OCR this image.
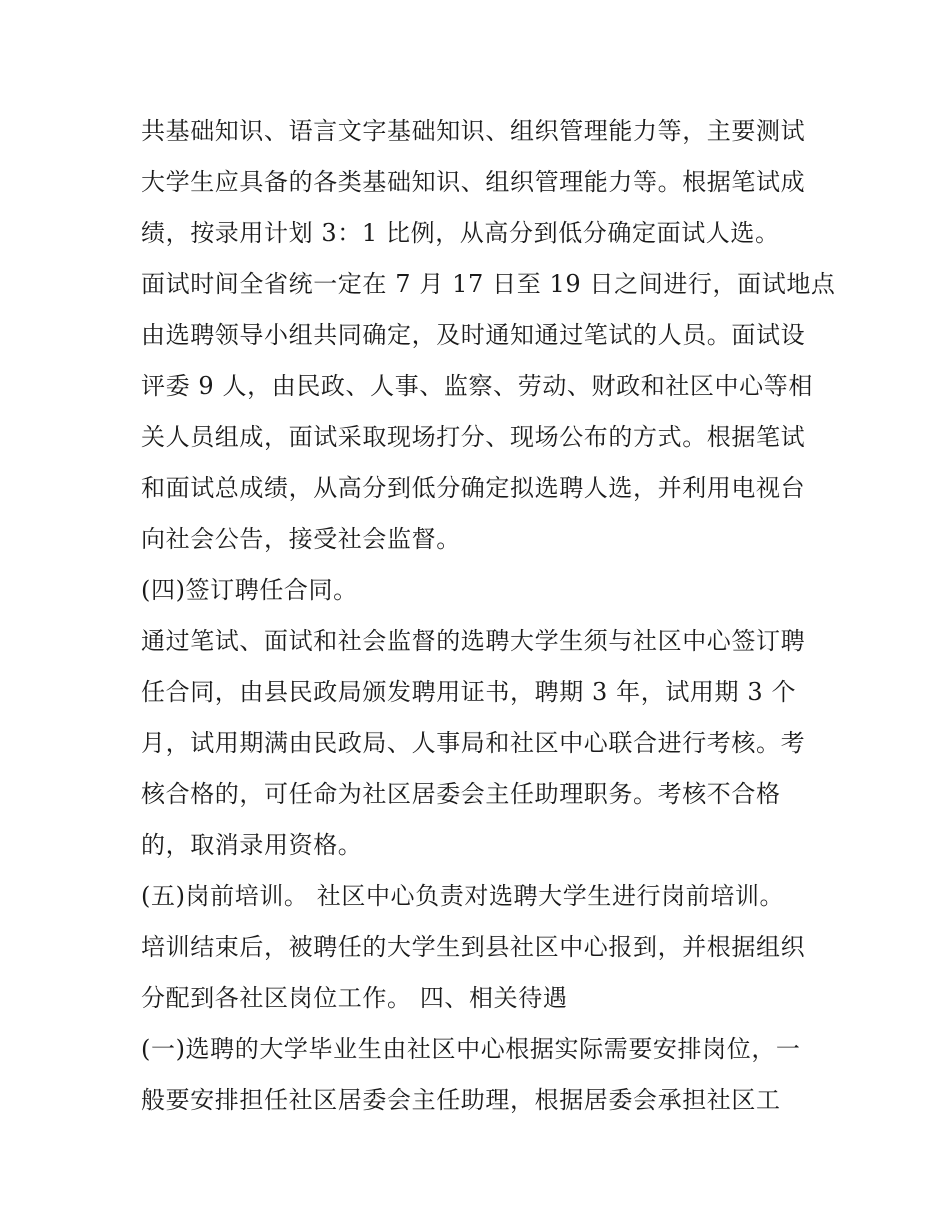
共基础知识、语言文字基础知识、组织管理能力等，主要测试
大学生应具备的各类基础知识、组织管理能力等。根据笔试成
绩，按录用计划 3：1 比例，从高分到低分确定面试人选。
面试时间全省统一定在 7 月 17 日至 19 日之间进行，面试地点
由选聘领导小组共同确定，及时通知通过笔试的人员。面试设
评委 9 人，由民政、人事、监察、劳动、财政和社区中心等相
关人员组成，面试采取现场打分、现场公布的方式。根据笔试
和面试总成绩，从高分到低分确定拟选聘人选，并利用电视台
向社会公告，接受社会监督。
(四)签订聘任合同。
通过笔试、面试和社会监督的选聘大学生须与社区中心签订聘
任合同，由县民政局颁发聘用证书，聘期 3 年，试用期 3 个
月，试用期满由民政局、人事局和社区中心联合进行考核。考
核合格的，可任命为社区居委会主任助理职务。考核不合格
的，取消录用资格。
(五)岗前培训。 社区中心负责对选聘大学生进行岗前培训。
培训结束后，被聘任的大学生到县社区中心报到，并根据组织
分配到各社区岗位工作。 四、相关待遇
(一)选聘的大学毕业生由社区中心根据实际需要安排岗位，一
般要安排担任社区居委会主任助理，根据居委会承担社区工
